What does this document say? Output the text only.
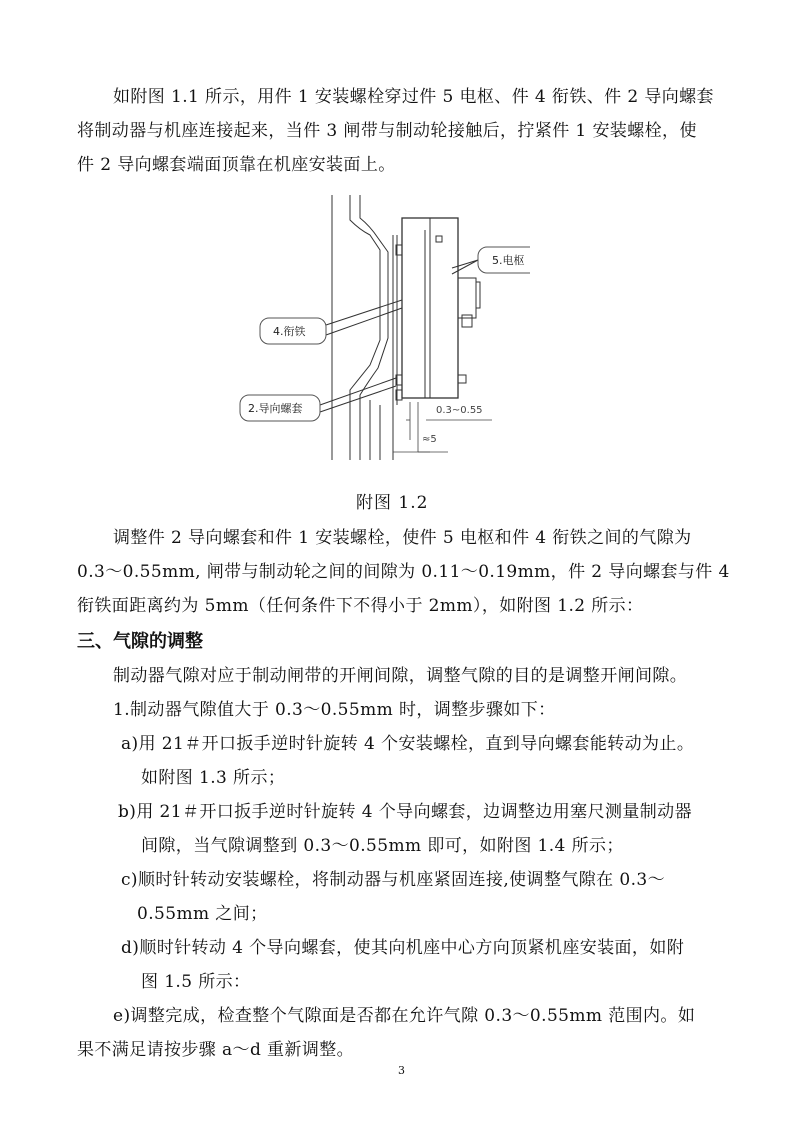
如附图 1.1 所示，用件 1 安装螺栓穿过件 5 电枢、件 4 衔铁、件 2 导向螺套
将制动器与机座连接起来，当件 3 闸带与制动轮接触后，拧紧件 1 安装螺栓，使
件 2 导向螺套端面顶靠在机座安装面上。
5.电枢
4.衔铁
2.导向螺套	0.3~0.55
≈5
附图 1.2
调整件 2 导向螺套和件 1 安装螺栓，使件 5 电枢和件 4 衔铁之间的气隙为
0.3～0.55mm, 闸带与制动轮之间的间隙为 0.11～0.19mm，件 2 导向螺套与件 4
衔铁面距离约为 5mm（任何条件下不得小于 2mm），如附图 1.2 所示：
三、气隙的调整
制动器气隙对应于制动闸带的开闸间隙，调整气隙的目的是调整开闸间隙。
1.制动器气隙值大于 0.3～0.55mm 时，调整步骤如下：
a)用 21＃开口扳手逆时针旋转 4 个安装螺栓，直到导向螺套能转动为止。
如附图 1.3 所示；
b)用 21＃开口扳手逆时针旋转 4 个导向螺套，边调整边用塞尺测量制动器
间隙，当气隙调整到 0.3～0.55mm 即可，如附图 1.4 所示；
c)顺时针转动安装螺栓，将制动器与机座紧固连接,使调整气隙在 0.3～
0.55mm 之间；
d)顺时针转动 4 个导向螺套，使其向机座中心方向顶紧机座安装面，如附
图 1.5 所示：
e)调整完成，检查整个气隙面是否都在允许气隙 0.3～0.55mm 范围内。如
果不满足请按步骤 a～d 重新调整。
3
